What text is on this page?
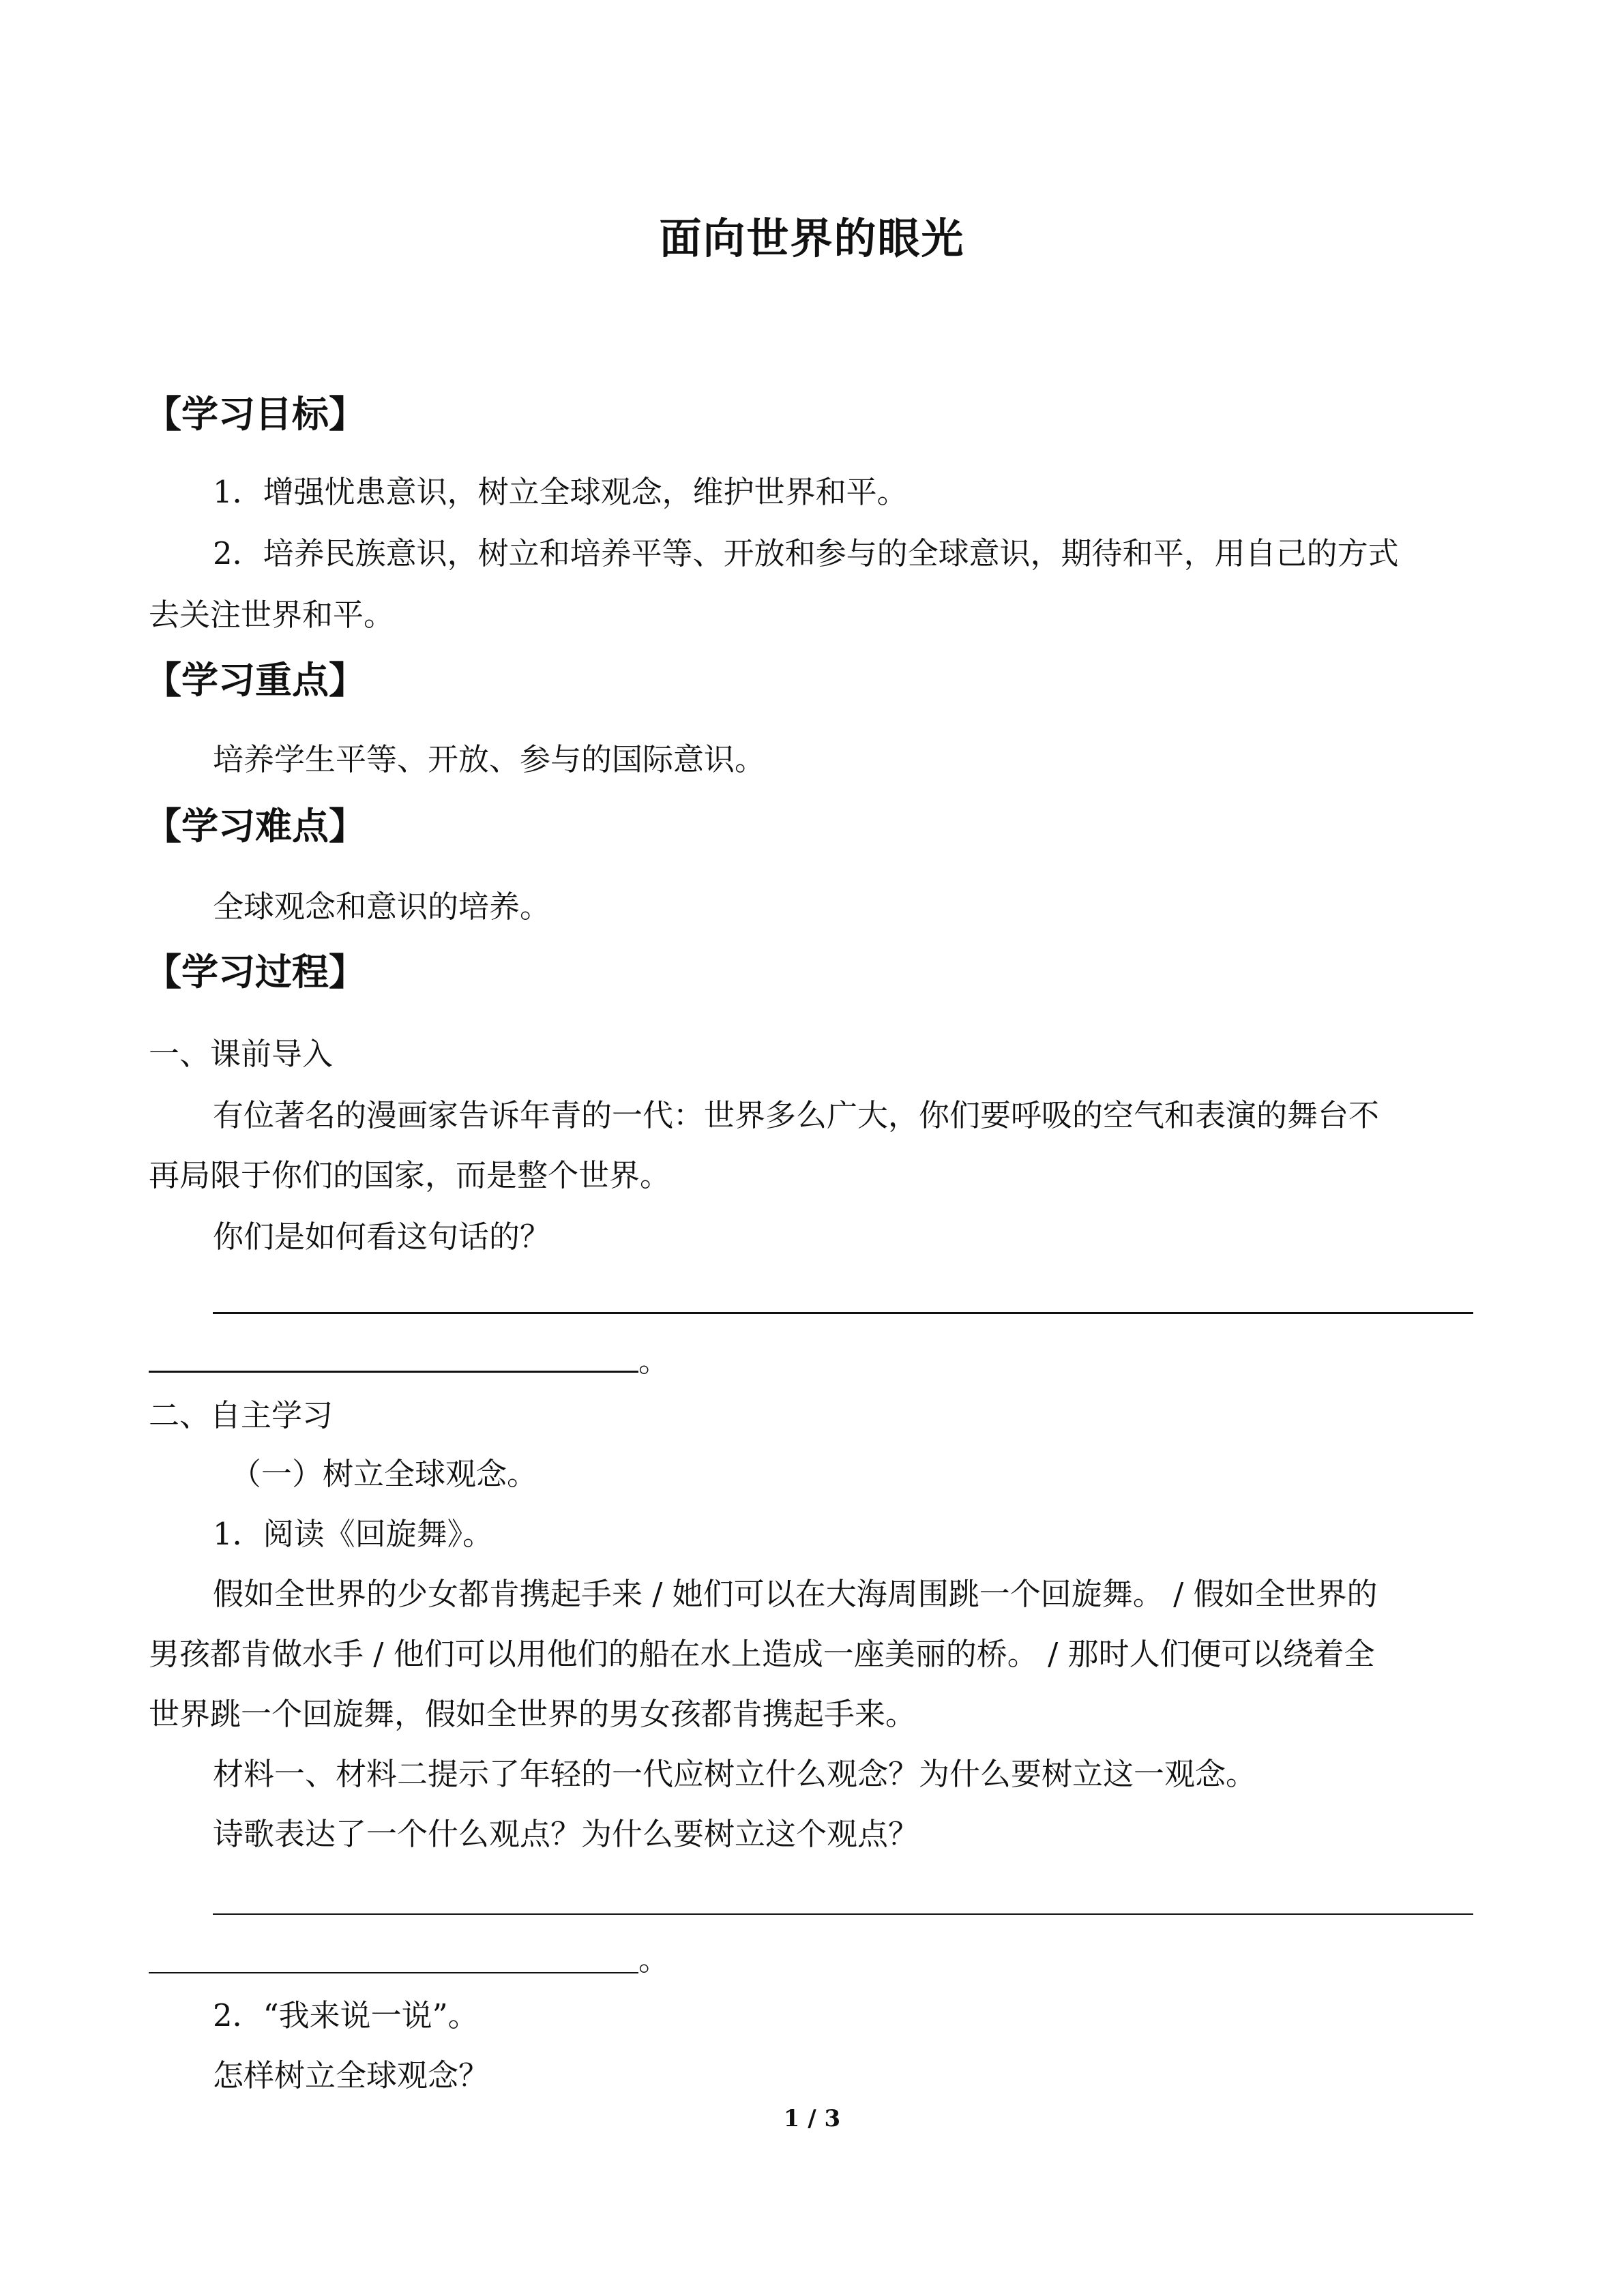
面向世界的眼光
【学习目标】
1．增强忧患意识，树立全球观念，维护世界和平。
2．培养民族意识，树立和培养平等、开放和参与的全球意识，期待和平，用自己的方式
去关注世界和平。
【学习重点】
培养学生平等、开放、参与的国际意识。
【学习难点】
全球观念和意识的培养。
【学习过程】
一、课前导入
有位著名的漫画家告诉年青的一代：世界多么广大，你们要呼吸的空气和表演的舞台不
再局限于你们的国家，而是整个世界。
你们是如何看这句话的？
。
二、自主学习
（一）树立全球观念。
1．阅读《回旋舞》。
假如全世界的少女都肯携起手来 / 她们可以在大海周围跳一个回旋舞。 / 假如全世界的
男孩都肯做水手 / 他们可以用他们的船在水上造成一座美丽的桥。 / 那时人们便可以绕着全
世界跳一个回旋舞，假如全世界的男女孩都肯携起手来。
材料一、材料二提示了年轻的一代应树立什么观念？为什么要树立这一观念。
诗歌表达了一个什么观点？为什么要树立这个观点？
。
2．“我来说一说”。
怎样树立全球观念？
1 / 3
